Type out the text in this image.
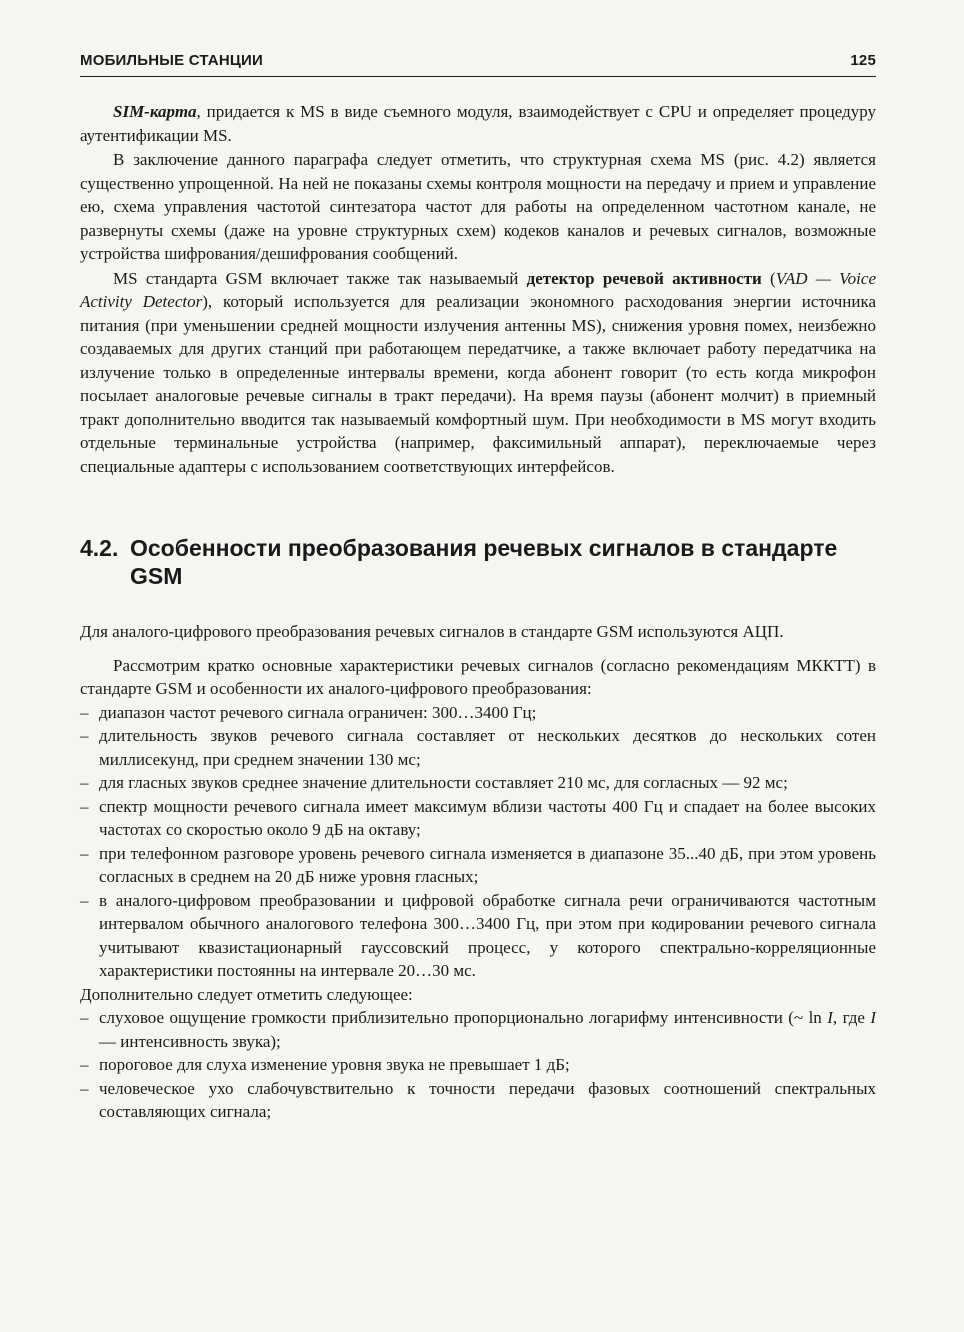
МОБИЛЬНЫЕ СТАНЦИИ	125

SIM-карта, придается к MS в виде съемного модуля, взаимодействует с CPU и определяет процедуру аутентификации MS.

В заключение данного параграфа следует отметить, что структурная схема MS (рис. 4.2) является существенно упрощенной. На ней не показаны схемы контроля мощности на передачу и прием и управление ею, схема управления частотой синтезатора частот для работы на определенном частотном канале, не развернуты схемы (даже на уровне структурных схем) кодеков каналов и речевых сигналов, возможные устройства шифрования/дешифрования сообщений.

MS стандарта GSM включает также так называемый детектор речевой активности (VAD — Voice Activity Detector), который используется для реализации экономного расходования энергии источника питания (при уменьшении средней мощности излучения антенны MS), снижения уровня помех, неизбежно создаваемых для других станций при работающем передатчике, а также включает работу передатчика на излучение только в определенные интервалы времени, когда абонент говорит (то есть когда микрофон посылает аналоговые речевые сигналы в тракт передачи). На время паузы (абонент молчит) в приемный тракт дополнительно вводится так называемый комфортный шум. При необходимости в MS могут входить отдельные терминальные устройства (например, факсимильный аппарат), переключаемые через специальные адаптеры с использованием соответствующих интерфейсов.

4.2. Особенности преобразования речевых сигналов в стандарте GSM

Для аналого-цифрового преобразования речевых сигналов в стандарте GSM используются АЦП.

Рассмотрим кратко основные характеристики речевых сигналов (согласно рекомендациям МККТТ) в стандарте GSM и особенности их аналого-цифрового преобразования:

– диапазон частот речевого сигнала ограничен: 300…3400 Гц;
– длительность звуков речевого сигнала составляет от нескольких десятков до нескольких сотен миллисекунд, при среднем значении 130 мс;
– для гласных звуков среднее значение длительности составляет 210 мс, для согласных — 92 мс;
– спектр мощности речевого сигнала имеет максимум вблизи частоты 400 Гц и спадает на более высоких частотах со скоростью около 9 дБ на октаву;
– при телефонном разговоре уровень речевого сигнала изменяется в диапазоне 35...40 дБ, при этом уровень согласных в среднем на 20 дБ ниже уровня гласных;
– в аналого-цифровом преобразовании и цифровой обработке сигнала речи ограничиваются частотным интервалом обычного аналогового телефона 300…3400 Гц, при этом при кодировании речевого сигнала учитывают квазистационарный гауссовский процесс, у которого спектрально-корреляционные характеристики постоянны на интервале 20…30 мс.

Дополнительно следует отметить следующее:

– слуховое ощущение громкости приблизительно пропорционально логарифму интенсивности (~ ln I, где I — интенсивность звука);
– пороговое для слуха изменение уровня звука не превышает 1 дБ;
– человеческое ухо слабочувствительно к точности передачи фазовых соотношений спектральных составляющих сигнала;
